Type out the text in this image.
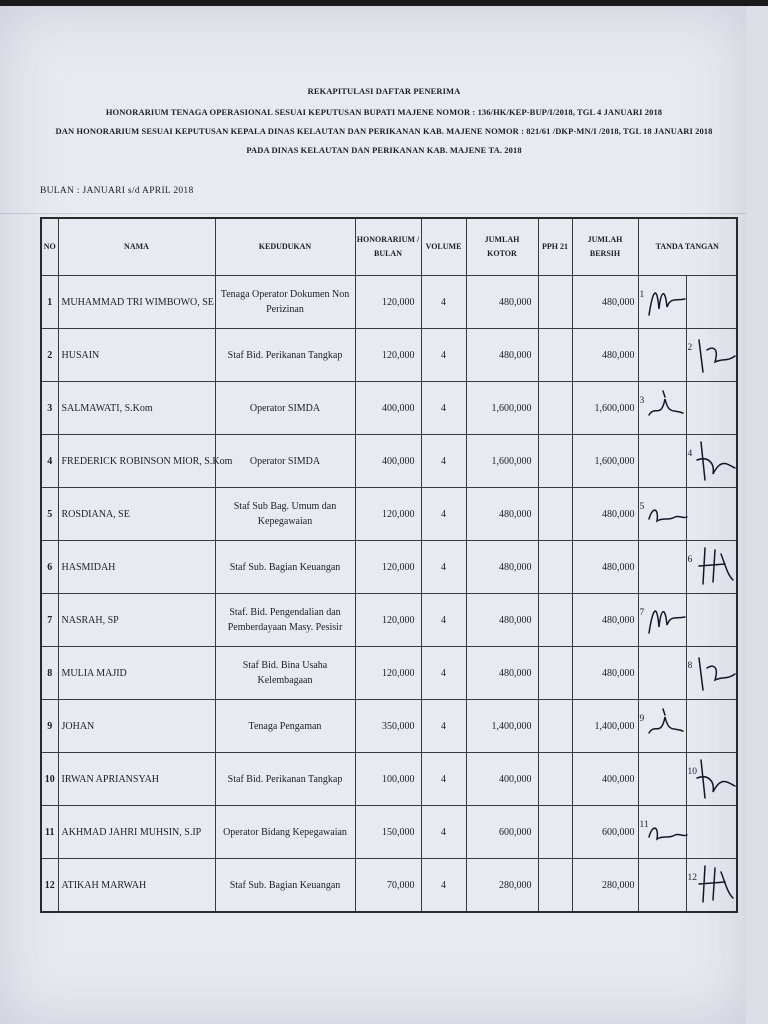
REKAPITULASI DAFTAR PENERIMA
HONORARIUM TENAGA OPERASIONAL SESUAI KEPUTUSAN BUPATI MAJENE NOMOR : 136/HK/KEP-BUP/I/2018, TGL 4 JANUARI 2018
DAN HONORARIUM SESUAI KEPUTUSAN KEPALA DINAS KELAUTAN DAN PERIKANAN KAB. MAJENE NOMOR : 821/61 /DKP-MN/I /2018, TGL 18 JANUARI 2018
PADA DINAS KELAUTAN DAN PERIKANAN KAB. MAJENE TA. 2018
BULAN : JANUARI s/d APRIL 2018
NO	NAMA	KEDUDUKAN	HONORARIUM /
BULAN	VOLUME	JUMLAH
KOTOR	PPH 21	JUMLAH BERSIH	TANDA TANGAN	
1	MUHAMMAD TRI WIMBOWO, SE	Tenaga Operator Dokumen Non
Perizinan	120,000	4	480,000		480,000	1	

2	HUSAIN	Staf Bid. Perikanan Tangkap	120,000	4	480,000		480,000		2

3	SALMAWATI, S.Kom	Operator SIMDA	400,000	4	1,600,000		1,600,000	3	

4	FREDERICK ROBINSON MIOR, S.Kom	Operator SIMDA	400,000	4	1,600,000		1,600,000		4

5	ROSDIANA, SE	Staf Sub Bag. Umum dan
Kepegawaian	120,000	4	480,000		480,000	5	

6	HASMIDAH	Staf Sub. Bagian Keuangan	120,000	4	480,000		480,000		6

7	NASRAH, SP	Staf. Bid. Pengendalian dan
Pemberdayaan Masy. Pesisir	120,000	4	480,000		480,000	7	

8	MULIA MAJID	Staf Bid. Bina Usaha Kelembagaan	120,000	4	480,000		480,000		8

9	JOHAN	Tenaga Pengaman	350,000	4	1,400,000		1,400,000	9	

10	IRWAN APRIANSYAH	Staf Bid. Perikanan Tangkap	100,000	4	400,000		400,000		10

11	AKHMAD JAHRI MUHSIN, S.IP	Operator Bidang Kepegawaian	150,000	4	600,000		600,000	11	

12	ATIKAH MARWAH	Staf Sub. Bagian Keuangan	70,000	4	280,000		280,000		12
